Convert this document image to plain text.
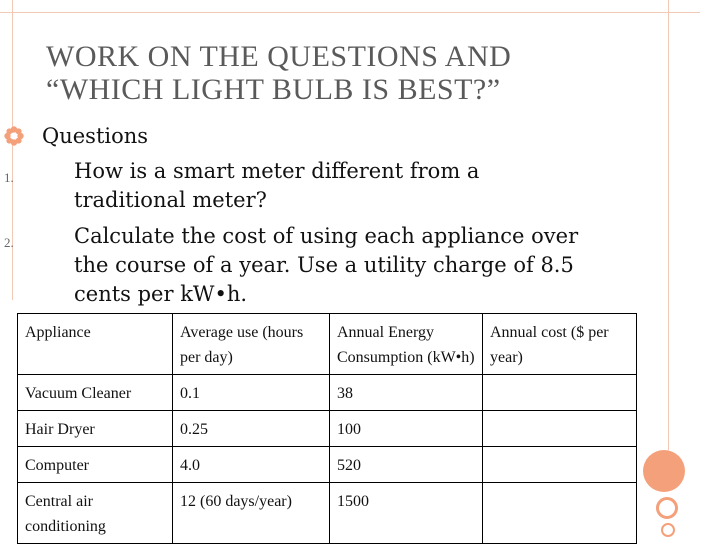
WORK ON THE QUESTIONS AND
“WHICH LIGHT BULB IS BEST?”
Questions
1.	How is a smart meter different from a
traditional meter?
2.	Calculate the cost of using each appliance over
the course of a year. Use a utility charge of 8.5
cents per kW•h.
Appliance	Average use (hours per day)	Annual Energy Consumption (kW•h)	Annual cost ($ per year)
Vacuum Cleaner	0.1	38	
Hair Dryer	0.25	100	
Computer	4.0	520	
Central air conditioning	12 (60 days/year)	1500	
